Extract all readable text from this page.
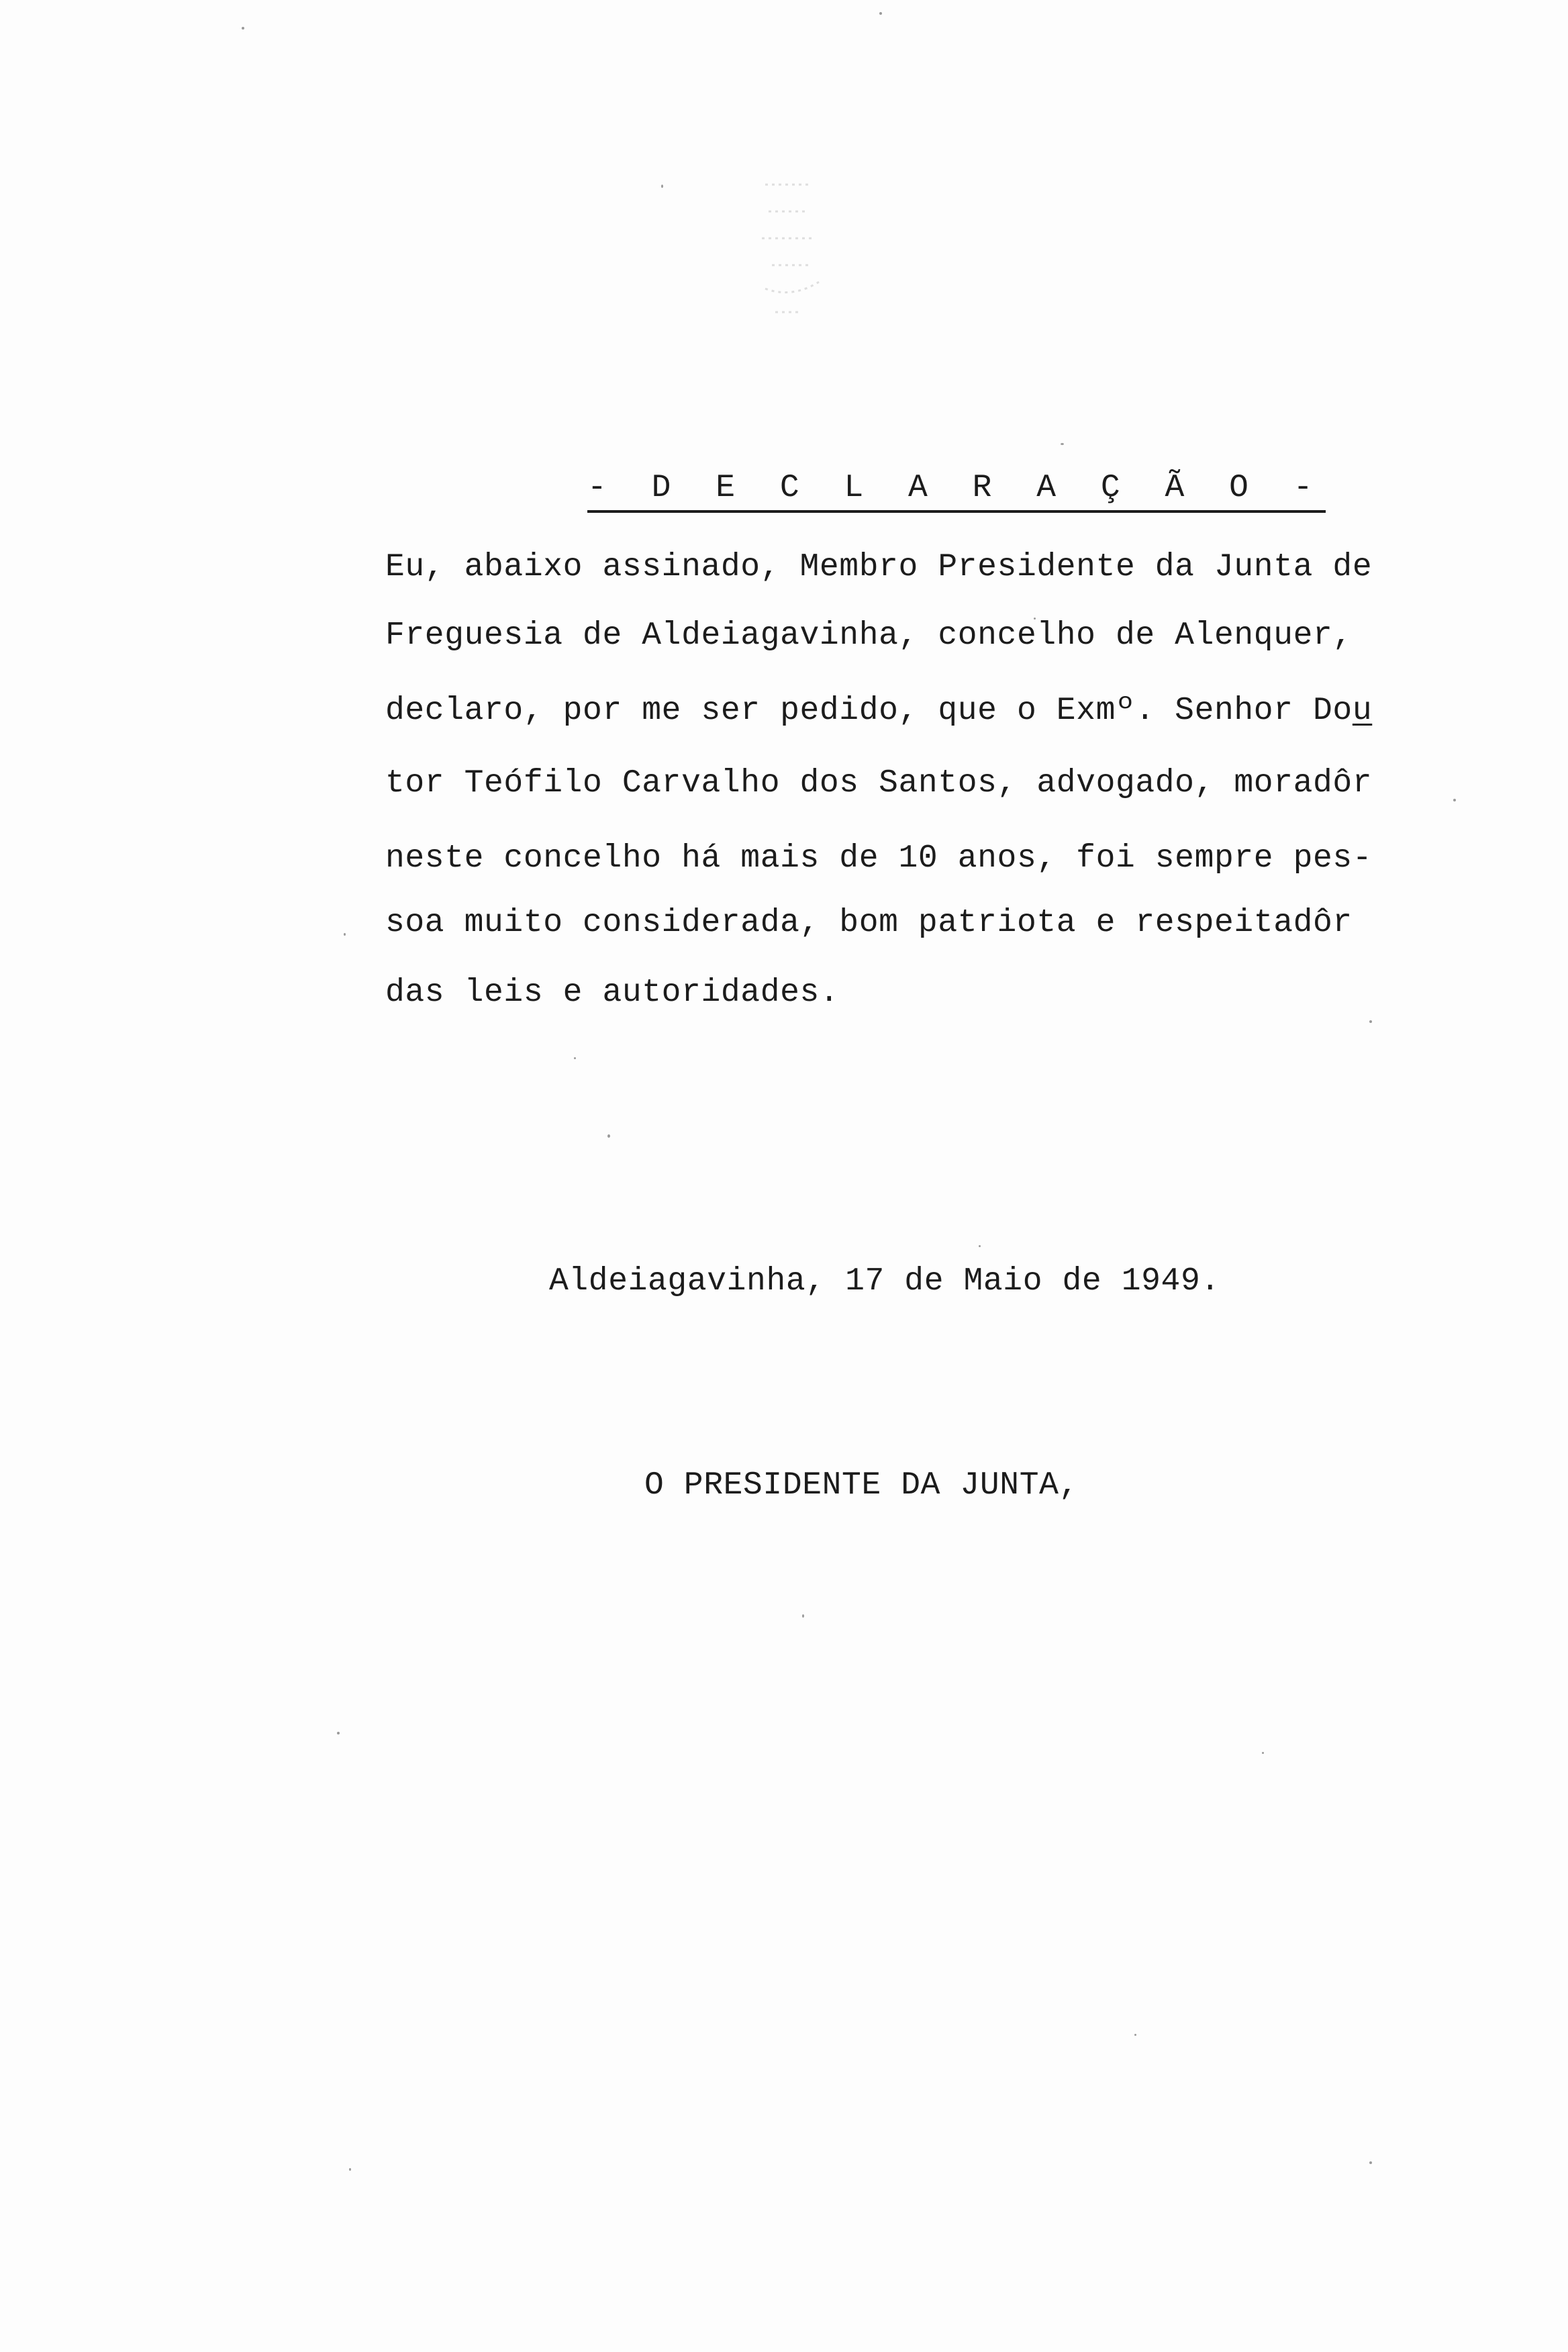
- D E C L A R A Ç Ã O -
Eu, abaixo assinado, Membro Presidente da Junta de
Freguesia de Aldeiagavinha, concelho de Alenquer,
declaro, por me ser pedido, que o Exmº. Senhor Dou
tor Teófilo Carvalho dos Santos, advogado, moradôr
neste concelho há mais de 10 anos, foi sempre pes-
soa muito considerada, bom patriota e respeitadôr
das leis e autoridades.
Aldeiagavinha, 17 de Maio de 1949.
O PRESIDENTE DA JUNTA,
